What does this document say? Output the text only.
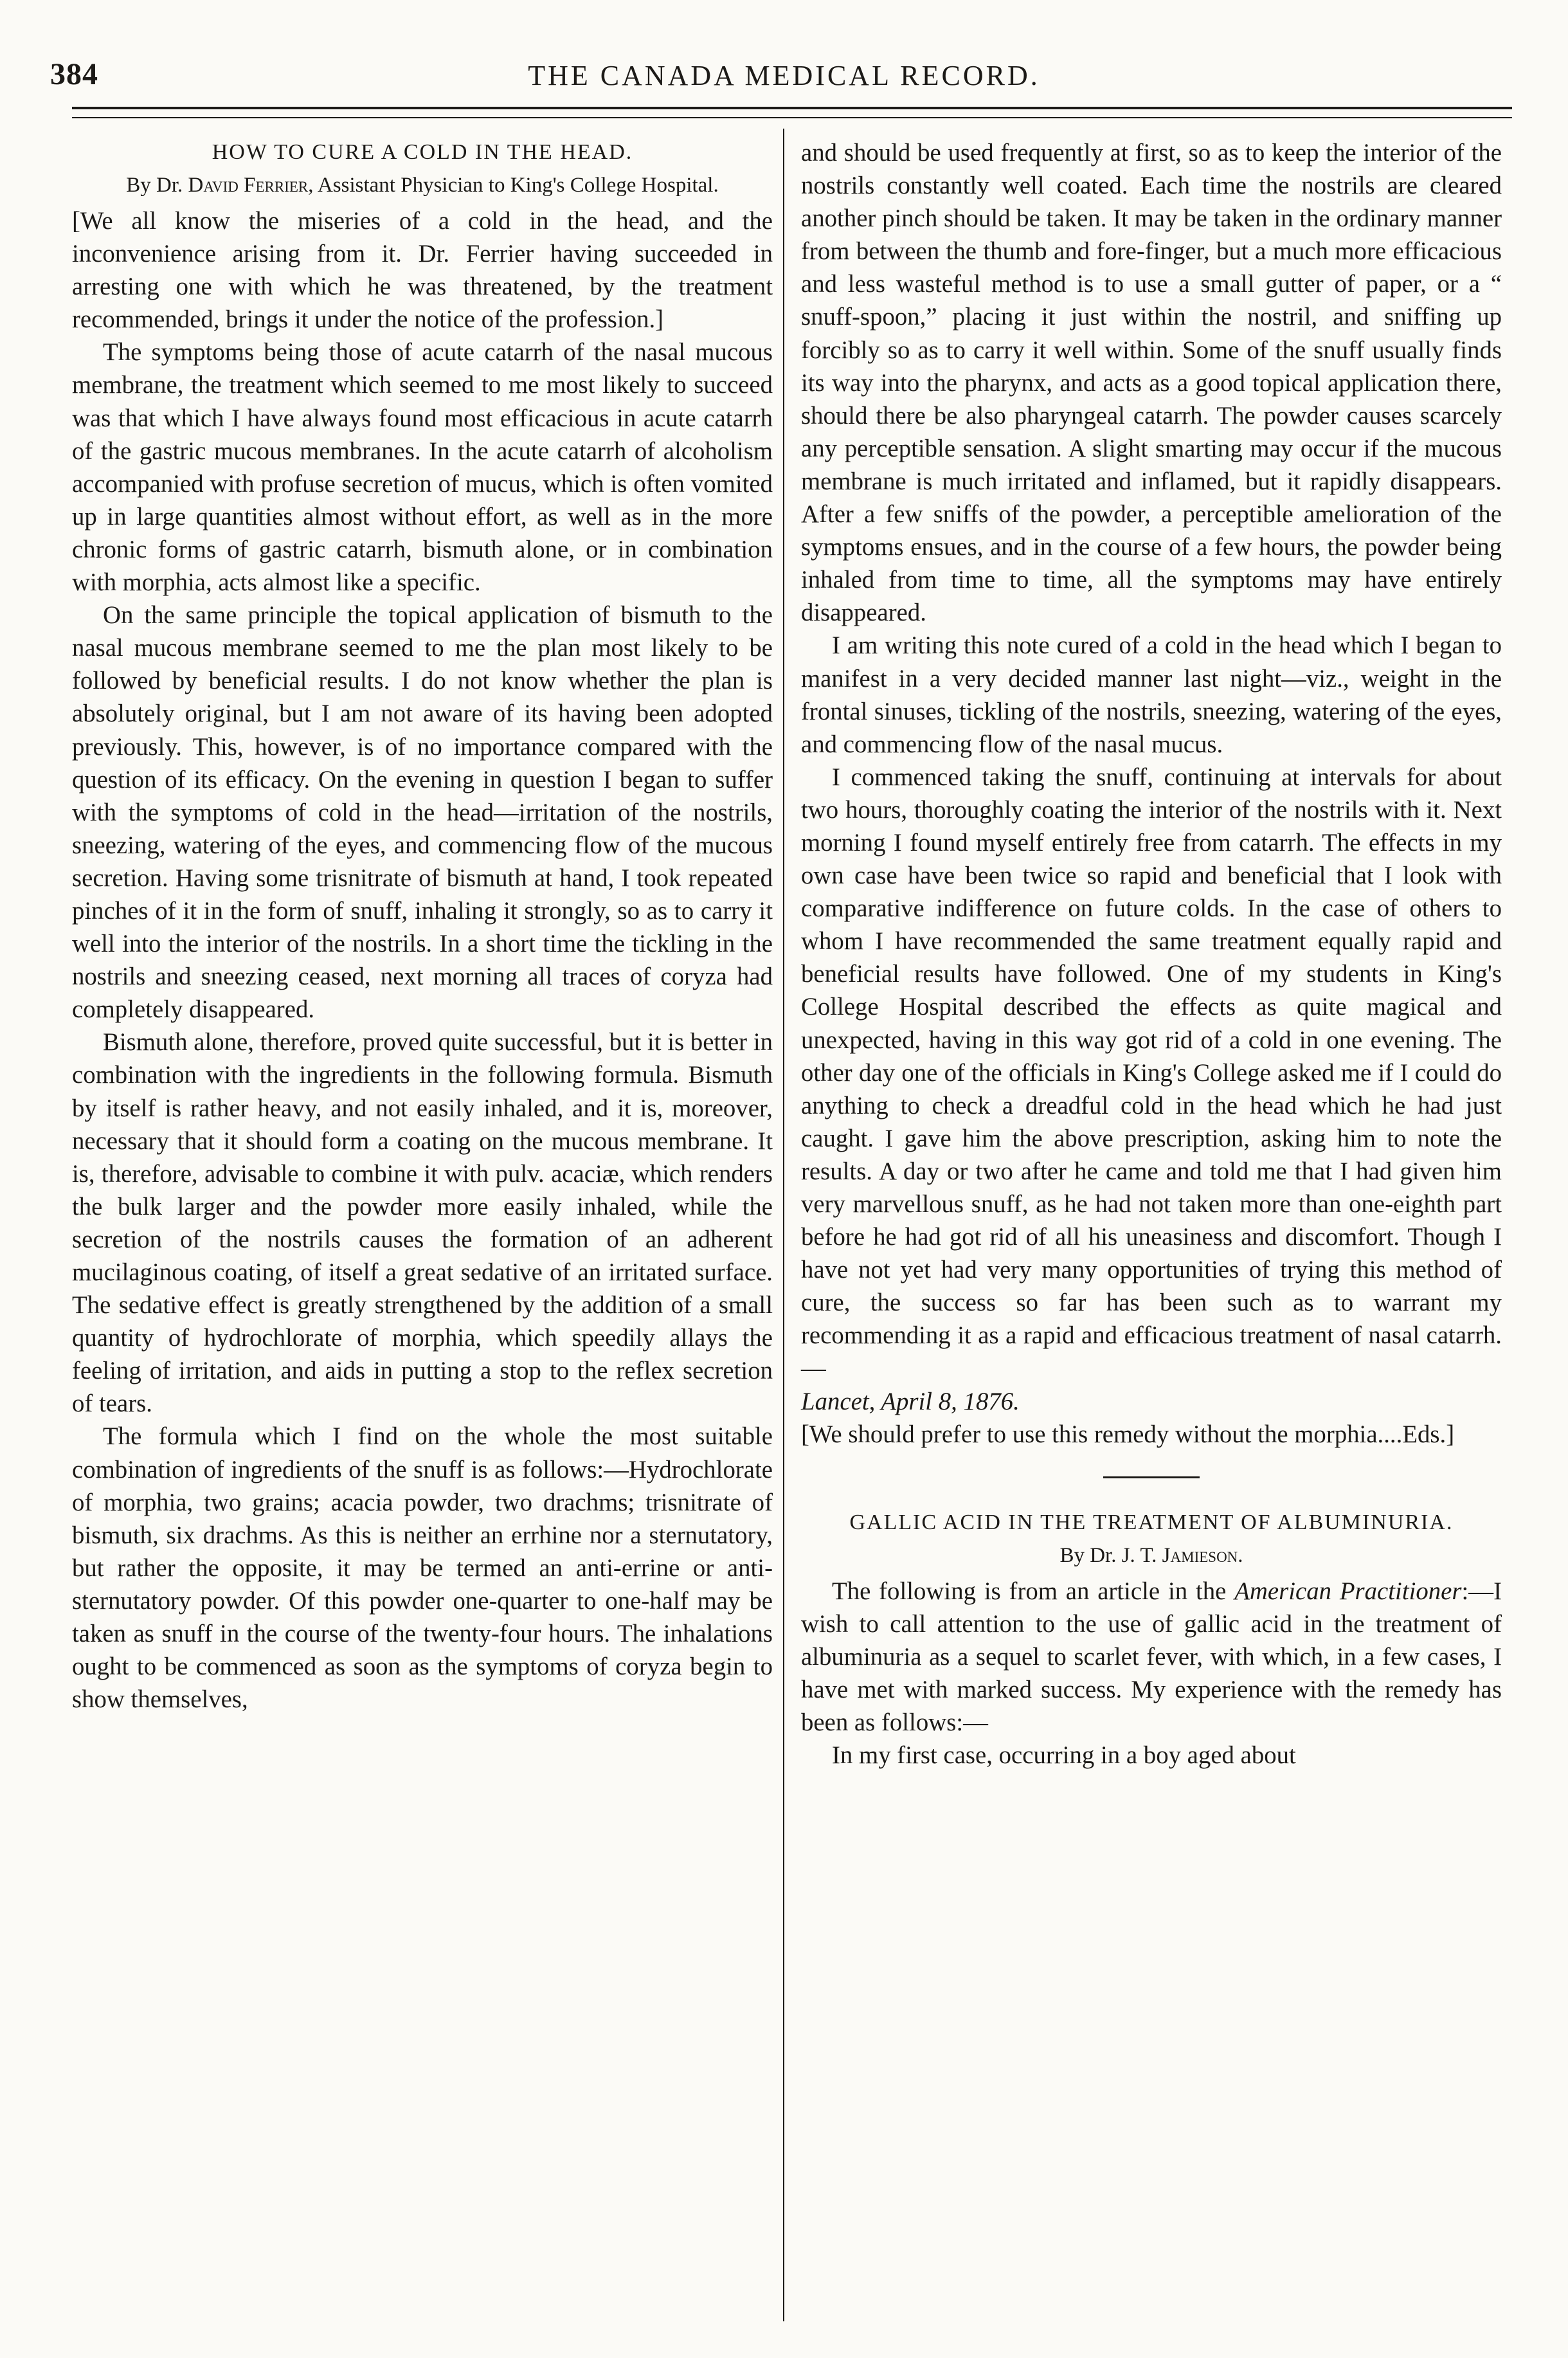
384	THE CANADA MEDICAL RECORD.
HOW TO CURE A COLD IN THE HEAD.
By Dr. David Ferrier, Assistant Physician to King's College Hospital.

[We all know the miseries of a cold in the head, and the inconvenience arising from it. Dr. Ferrier having succeeded in arresting one with which he was threatened, by the treatment recommended, brings it under the notice of the profession.]

The symptoms being those of acute catarrh of the nasal mucous membrane, the treatment which seemed to me most likely to succeed was that which I have always found most efficacious in acute catarrh of the gastric mucous membranes. In the acute catarrh of alcoholism accompanied with profuse secretion of mucus, which is often vomited up in large quantities almost without effort, as well as in the more chronic forms of gastric catarrh, bismuth alone, or in combination with morphia, acts almost like a specific.

On the same principle the topical application of bismuth to the nasal mucous membrane seemed to me the plan most likely to be followed by beneficial results. I do not know whether the plan is absolutely original, but I am not aware of its having been adopted previously. This, however, is of no importance compared with the question of its efficacy. On the evening in question I began to suffer with the symptoms of cold in the head—irritation of the nostrils, sneezing, watering of the eyes, and commencing flow of the mucous secretion. Having some trisnitrate of bismuth at hand, I took repeated pinches of it in the form of snuff, inhaling it strongly, so as to carry it well into the interior of the nostrils. In a short time the tickling in the nostrils and sneezing ceased, next morning all traces of coryza had completely disappeared.

Bismuth alone, therefore, proved quite successful, but it is better in combination with the ingredients in the following formula. Bismuth by itself is rather heavy, and not easily inhaled, and it is, moreover, necessary that it should form a coating on the mucous membrane. It is, therefore, advisable to combine it with pulv. acaciæ, which renders the bulk larger and the powder more easily inhaled, while the secretion of the nostrils causes the formation of an adherent mucilaginous coating, of itself a great sedative of an irritated surface. The sedative effect is greatly strengthened by the addition of a small quantity of hydrochlorate of morphia, which speedily allays the feeling of irritation, and aids in putting a stop to the reflex secretion of tears.

The formula which I find on the whole the most suitable combination of ingredients of the snuff is as follows:—Hydrochlorate of morphia, two grains; acacia powder, two drachms; trisnitrate of bismuth, six drachms. As this is neither an errhine nor a sternutatory, but rather the opposite, it may be termed an anti-errine or anti-sternutatory powder. Of this powder one-quarter to one-half may be taken as snuff in the course of the twenty-four hours. The inhalations ought to be commenced as soon as the symptoms of coryza begin to show themselves,

and should be used frequently at first, so as to keep the interior of the nostrils constantly well coated. Each time the nostrils are cleared another pinch should be taken. It may be taken in the ordinary manner from between the thumb and fore-finger, but a much more efficacious and less wasteful method is to use a small gutter of paper, or a “ snuff-spoon,” placing it just within the nostril, and sniffing up forcibly so as to carry it well within. Some of the snuff usually finds its way into the pharynx, and acts as a good topical application there, should there be also pharyngeal catarrh. The powder causes scarcely any perceptible sensation. A slight smarting may occur if the mucous membrane is much irritated and inflamed, but it rapidly disappears. After a few sniffs of the powder, a perceptible amelioration of the symptoms ensues, and in the course of a few hours, the powder being inhaled from time to time, all the symptoms may have entirely disappeared.

I am writing this note cured of a cold in the head which I began to manifest in a very decided manner last night—viz., weight in the frontal sinuses, tickling of the nostrils, sneezing, watering of the eyes, and commencing flow of the nasal mucus.

I commenced taking the snuff, continuing at intervals for about two hours, thoroughly coating the interior of the nostrils with it. Next morning I found myself entirely free from catarrh. The effects in my own case have been twice so rapid and beneficial that I look with comparative indifference on future colds. In the case of others to whom I have recommended the same treatment equally rapid and beneficial results have followed. One of my students in King's College Hospital described the effects as quite magical and unexpected, having in this way got rid of a cold in one evening. The other day one of the officials in King's College asked me if I could do anything to check a dreadful cold in the head which he had just caught. I gave him the above prescription, asking him to note the results. A day or two after he came and told me that I had given him very marvellous snuff, as he had not taken more than one-eighth part before he had got rid of all his uneasiness and discomfort. Though I have not yet had very many opportunities of trying this method of cure, the success so far has been such as to warrant my recommending it as a rapid and efficacious treatment of nasal catarrh.—

Lancet, April 8, 1876.

[We should prefer to use this remedy without the morphia....Eds.]

GALLIC ACID IN THE TREATMENT OF ALBUMINURIA.
By Dr. J. T. Jamieson.

The following is from an article in the American Practitioner:—I wish to call attention to the use of gallic acid in the treatment of albuminuria as a sequel to scarlet fever, with which, in a few cases, I have met with marked success. My experience with the remedy has been as follows:—

In my first case, occurring in a boy aged about
